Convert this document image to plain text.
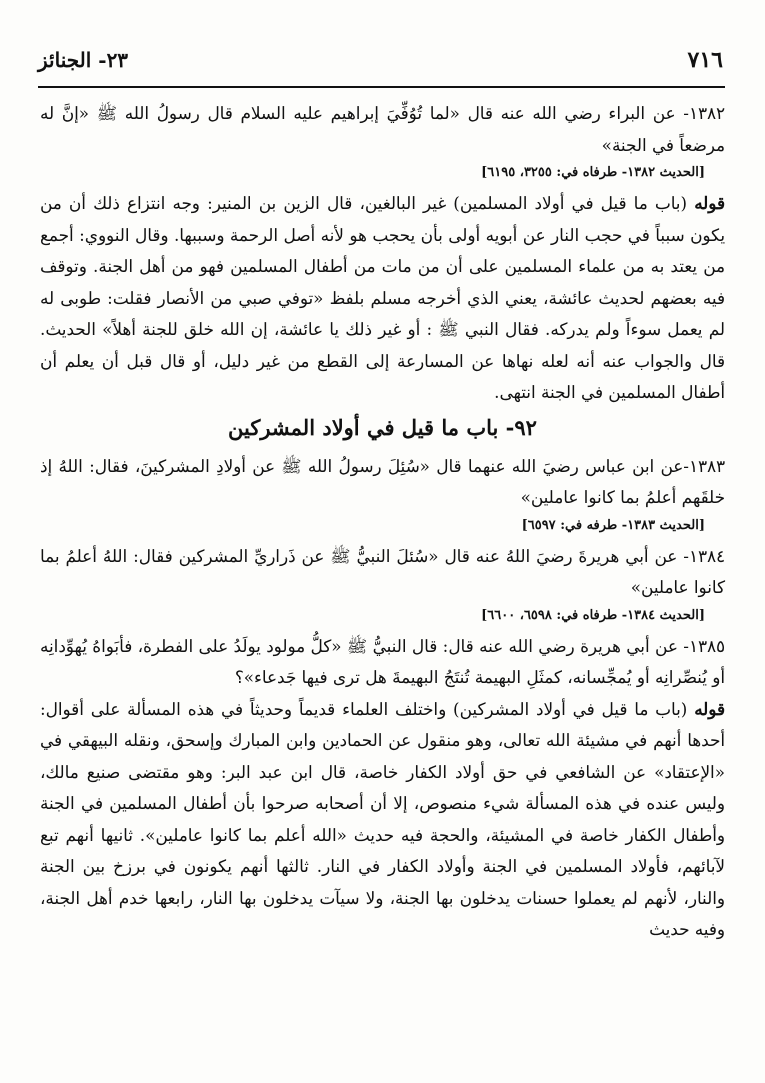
٧١٦
٢٣- الجنائز

١٣٨٢- عن البراء رضي الله عنه قال «لما تُوُفِّيَ إبراهيم عليه السلام قال رسولُ الله ﷺ «إنَّ له مرضعاً في الجنة»

[الحديث ١٣٨٢- طرفاه في: ٣٢٥٥، ٦١٩٥]

قوله (باب ما قيل في أولاد المسلمين) غير البالغين، قال الزين بن المنير: وجه انتزاع ذلك أن من يكون سبباً في حجب النار عن أبويه أولى بأن يحجب هو لأنه أصل الرحمة وسببها. وقال النووي: أجمع من يعتد به من علماء المسلمين على أن من مات من أطفال المسلمين فهو من أهل الجنة. وتوقف فيه بعضهم لحديث عائشة، يعني الذي أخرجه مسلم بلفظ «توفي صبي من الأنصار فقلت: طوبى له لم يعمل سوءاً ولم يدركه. فقال النبي ﷺ : أو غير ذلك يا عائشة، إن الله خلق للجنة أهلاً» الحديث. قال والجواب عنه أنه لعله نهاها عن المسارعة إلى القطع من غير دليل، أو قال قبل أن يعلم أن أطفال المسلمين في الجنة انتهى.

٩٢- باب ما قيل في أولاد المشركين

١٣٨٣-عن ابن عباس رضيَ الله عنهما قال «سُئِلَ رسولُ الله ﷺ عن أولادِ المشركينَ، فقال: اللهُ إذ خلقَهم أعلمُ بما كانوا عاملين»

[الحديث ١٣٨٣- طرفه في: ٦٥٩٧]

١٣٨٤- عن أبي هريرةَ رضيَ اللهُ عنه قال «سُئلَ النبيُّ ﷺ عن ذَراريِّ المشركين فقال: اللهُ أعلمُ بما كانوا عاملين»

[الحديث ١٣٨٤- طرفاه في: ٦٥٩٨، ٦٦٠٠]

١٣٨٥- عن أبي هريرة رضي الله عنه قال: قال النبيُّ ﷺ «كلُّ مولود يولَدُ على الفطرة، فأبَواهُ يُهوِّدانِه أو يُنصِّرانِه أو يُمجِّسانه، كمثَلِ البهيمة تُنتَجُ البهيمةَ هل ترى فيها جَدعاء»؟

قوله (باب ما قيل في أولاد المشركين) واختلف العلماء قديماً وحديثاً في هذه المسألة على أقوال: أحدها أنهم في مشيئة الله تعالى، وهو منقول عن الحمادين وابن المبارك وإسحق، ونقله البيهقي في «الإعتقاد» عن الشافعي في حق أولاد الكفار خاصة، قال ابن عبد البر: وهو مقتضى صنيع مالك، وليس عنده في هذه المسألة شيء منصوص، إلا أن أصحابه صرحوا بأن أطفال المسلمين في الجنة وأطفال الكفار خاصة في المشيئة، والحجة فيه حديث «الله أعلم بما كانوا عاملين». ثانيها أنهم تبع لآبائهم، فأولاد المسلمين في الجنة وأولاد الكفار في النار. ثالثها أنهم يكونون في برزخ بين الجنة والنار، لأنهم لم يعملوا حسنات يدخلون بها الجنة، ولا سيآت يدخلون بها النار، رابعها خدم أهل الجنة، وفيه حديث
